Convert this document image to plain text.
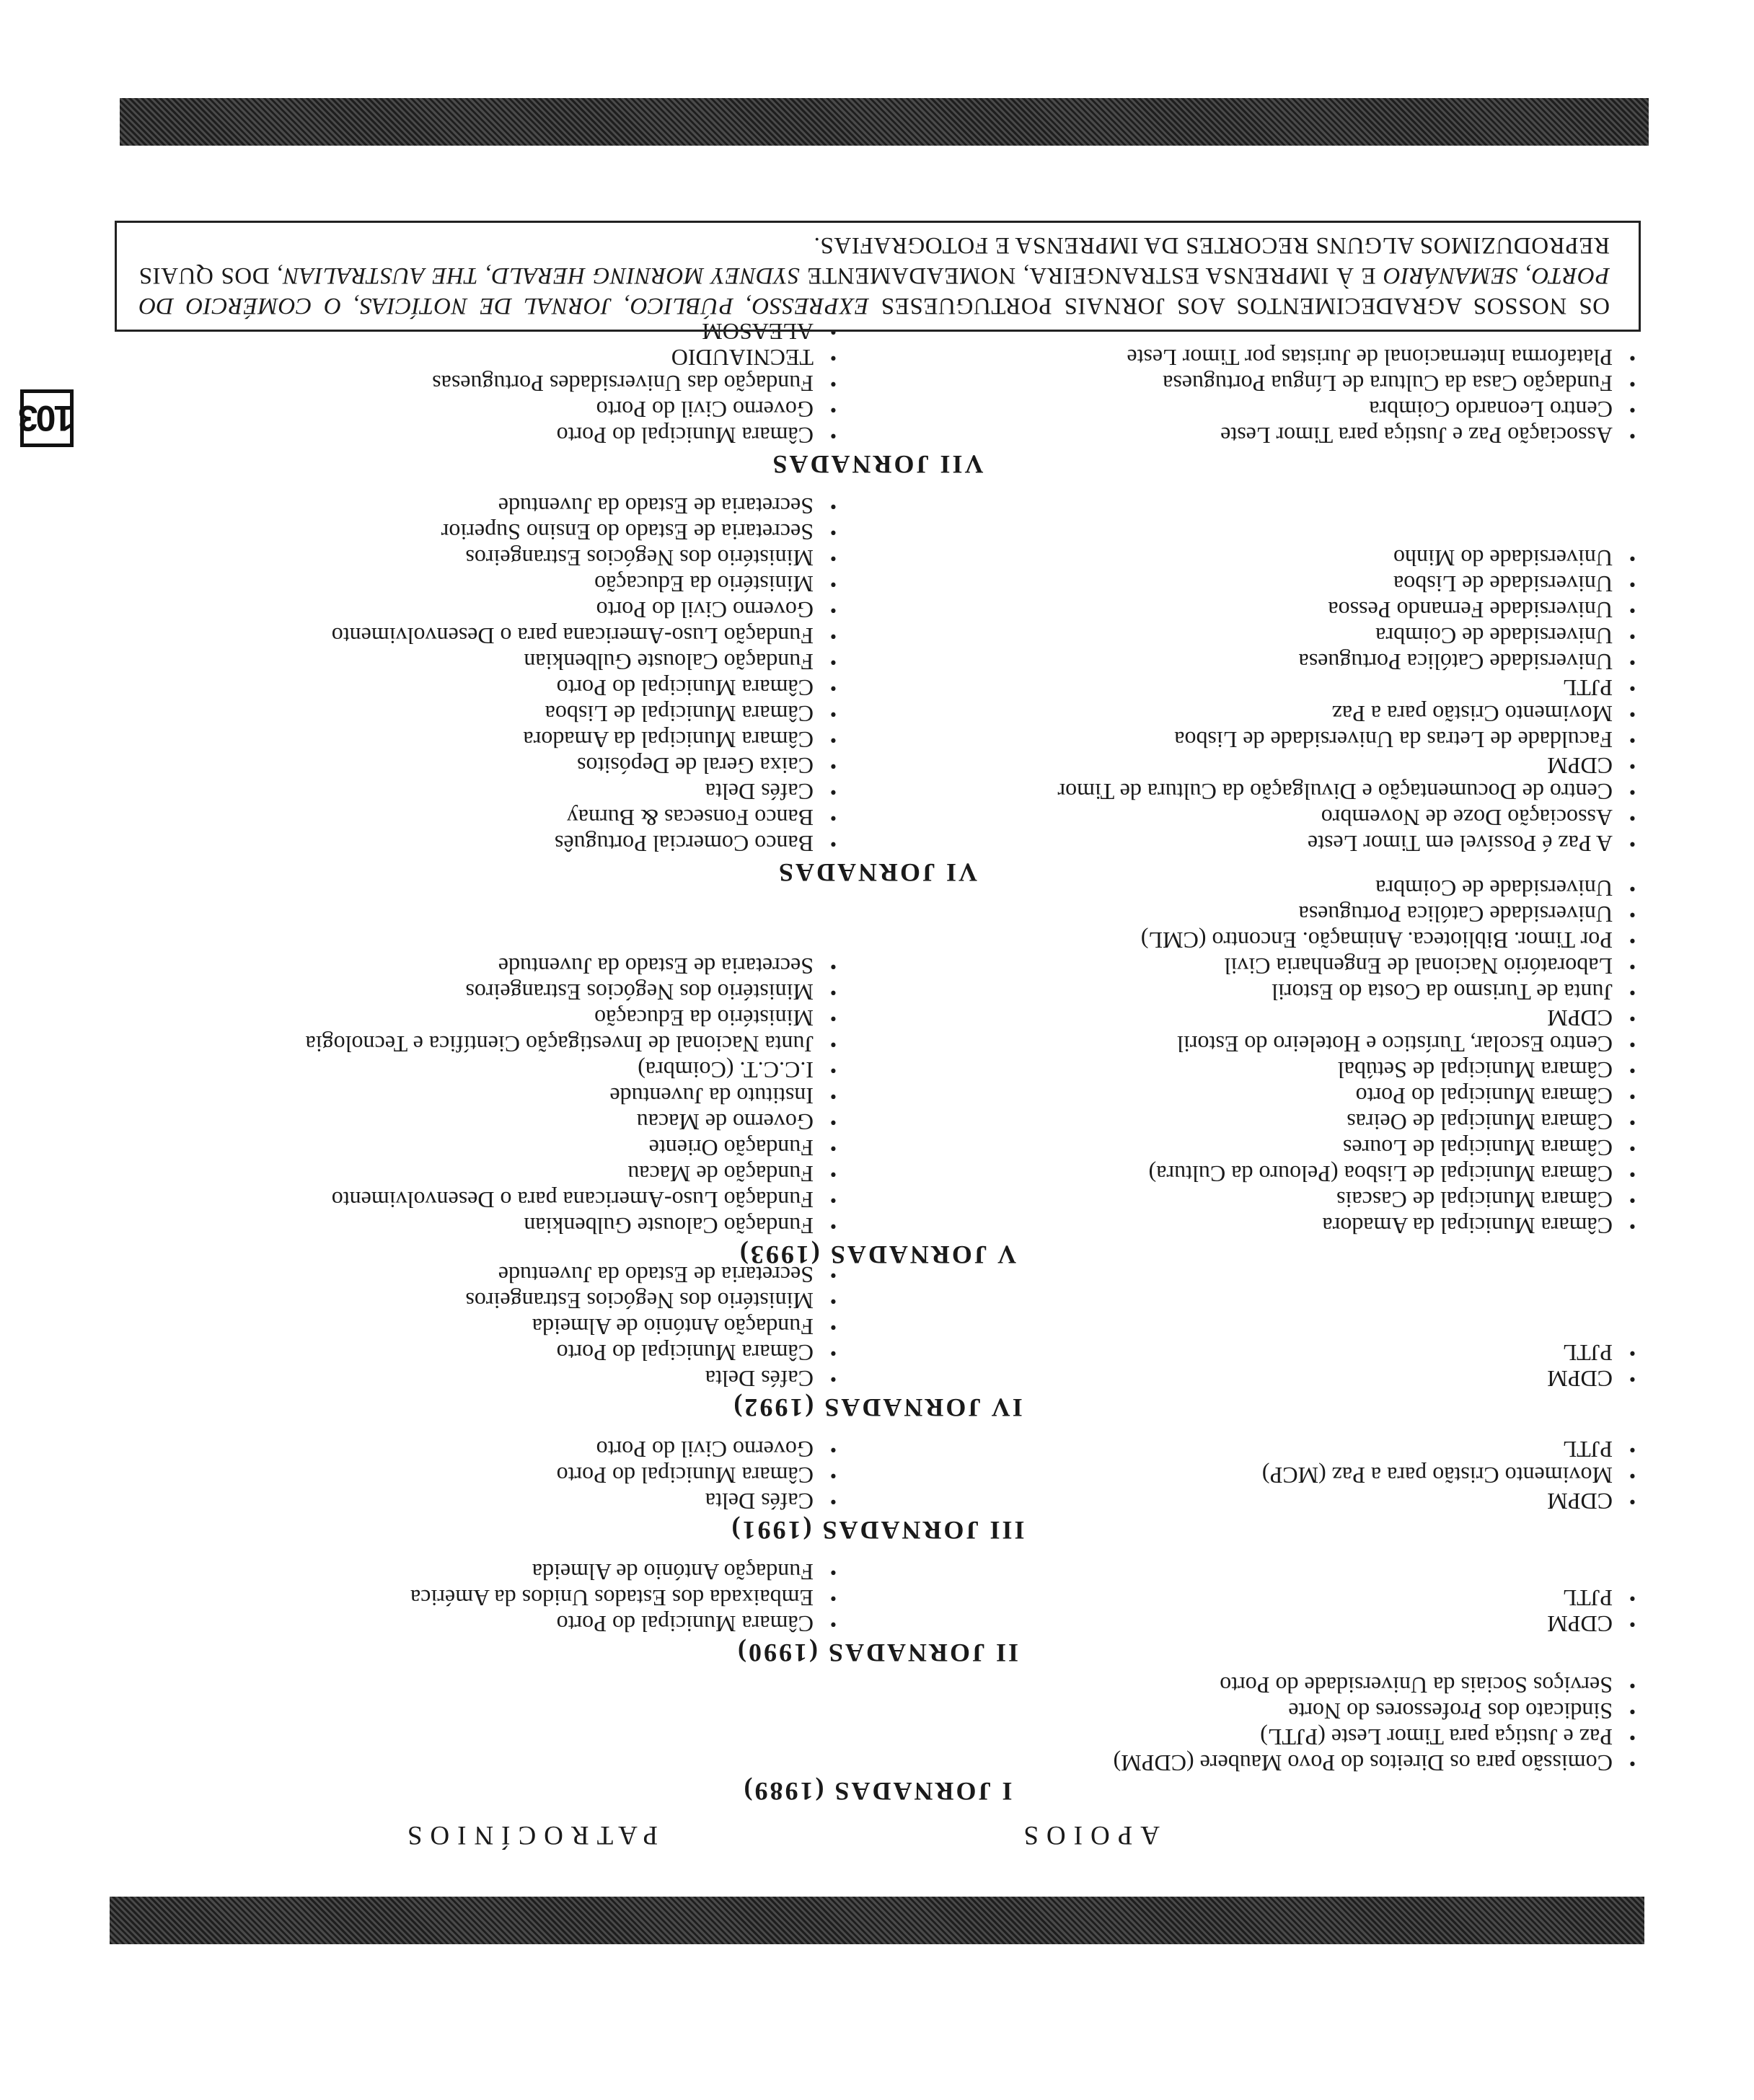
APOIOS
PATROCÍNIOS
I JORNADAS (1989)
• Comissão para os Direitos do Povo Maubere (CDPM)
• Paz e Justiça para Timor Leste (PJTL)
• Sindicato dos Professores do Norte
• Serviços Sociais da Universidade do Porto
II JORNADAS (1990)
• CDPM
• PJTL
• Câmara Municipal do Porto
• Embaixada dos Estados Unidos da América
• Fundação António de Almeida
III JORNADAS (1991)
• CDPM
• Movimento Cristão para a Paz (MCP)
• PJTL
• Cafés Delta
• Câmara Municipal do Porto
• Governo Civil do Porto
IV JORNADAS (1992)
• CDPM
• PJTL
• Cafés Delta
• Câmara Municipal do Porto
• Fundação António de Almeida
• Ministério dos Negócios Estrangeiros
• Secretaria de Estado da Juventude
V JORNADAS (1993)
• Câmara Municipal da Amadora
• Câmara Municipal de Cascais
• Câmara Municipal de Lisboa (Pelouro da Cultura)
• Câmara Municipal de Loures
• Câmara Municipal de Oeiras
• Câmara Municipal do Porto
• Câmara Municipal de Setúbal
• Centro Escolar, Turístico e Hoteleiro do Estoril
• CDPM
• Junta de Turismo da Costa do Estoril
• Laboratório Nacional de Engenharia Civil
• Por Timor. Biblioteca. Animação. Encontro (CML)
• Universidade Católica Portuguesa
• Universidade de Coimbra
• Fundação Calouste Gulbenkian
• Fundação Luso-Americana para o Desenvolvimento
• Fundação de Macau
• Fundação Oriente
• Governo de Macau
• Instituto da Juventude
• I.C.C.T. (Coimbra)
• Junta Nacional de Investigação Científica e Tecnologia
• Ministério da Educação
• Ministério dos Negócios Estrangeiros
• Secretaria de Estado da Juventude
VI JORNADAS
• A Paz é Possível em Timor Leste
• Associação Doze de Novembro
• Centro de Documentação e Divulgação da Cultura de Timor
• CDPM
• Faculdade de Letras da Universidade de Lisboa
• Movimento Cristão para a Paz
• PJTL
• Universidade Católica Portuguesa
• Universidade de Coimbra
• Universidade Fernando Pessoa
• Universidade de Lisboa
• Universidade do Minho
• Banco Comercial Português
• Banco Fonsecas & Burnay
• Cafés Delta
• Caixa Geral de Depósitos
• Câmara Municipal da Amadora
• Câmara Municipal de Lisboa
• Câmara Municipal do Porto
• Fundação Calouste Gulbenkian
• Fundação Luso-Americana para o Desenvolvimento
• Governo Civil do Porto
• Ministério da Educação
• Ministério dos Negócios Estrangeiros
• Secretaria de Estado do Ensino Superior
• Secretaria de Estado da Juventude
VII JORNADAS
• Associação Paz e Justiça para Timor Leste
• Centro Leonardo Coimbra
• Fundação Casa da Cultura de Língua Portuguesa
• Plataforma Internacional de Juristas por Timor Leste
• Câmara Municipal do Porto
• Governo Civil do Porto
• Fundação das Universidades Portuguesas
• TECNIAUDIO
• ALEASOM
OS NOSSOS AGRADECIMENTOS AOS JORNAIS PORTUGUESES EXPRESSO, PÚBLICO, JORNAL DE NOTÍCIAS, O COMÉRCIO DO PORTO, SEMANÁRIO E À IMPRENSA ESTRANGEIRA, NOMEADAMENTE SYDNEY MORNING HERALD, THE AUSTRALIAN, DOS QUAIS REPRODUZIMOS ALGUNS RECORTES DA IMPRENSA E FOTOGRAFIAS.
103
